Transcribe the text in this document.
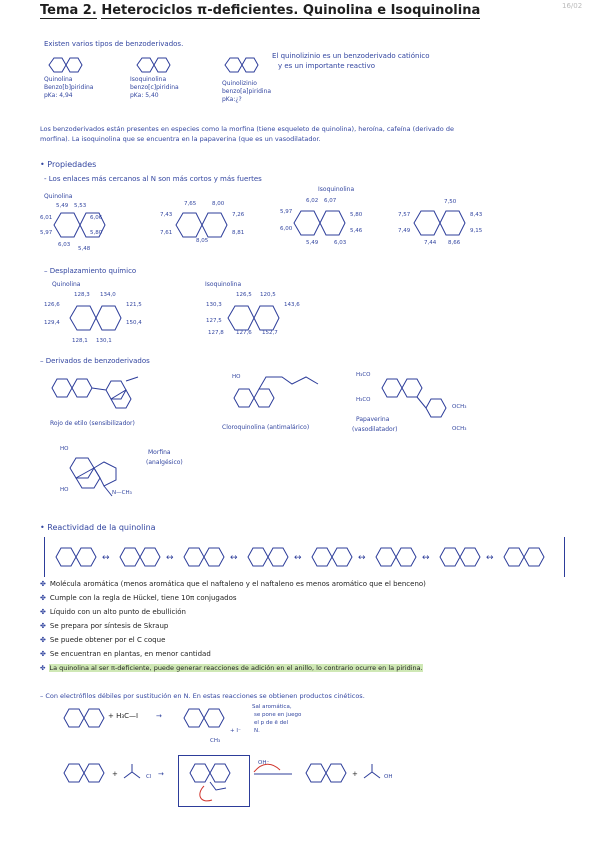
Tema 2. Heterociclos π-deficientes. Quinolina e Isoquinolina	16/02
Existen varios tipos de benzoderivados.
Quinolina
Benzo[b]piridina
pKa: 4,94
Isoquinolina
benzo[c]piridina
pKa: 5,40
Quinolizinio
benzo[a]piridina
pKa:¿?
El quinolizinio es un benzoderivado catiónico
y es un importante reactivo
Los benzoderivados están presentes en especies como la morfina (tiene esqueleto de quinolina), heroína, cafeína (derivado de
morfina). La isoquinolina que se encuentra en la papaverina (que es un vasodilatador.
• Propiedades
- Los enlaces más cercanos al N son más cortos y más fuertes
Quinolina
Isoquinolina
5,49 5,53
6,01	6,06
5,97	5,80
6,03
5,48
7,65	8,00
7,43	7,26
7,61
8,05
8,81
6,02 6,07
5,97	5,80
6,00	5,46
5,49	6,03
7,50
7,57	8,43
7,49
7,44 8,66
9,15
– Desplazamiento químico
Quinolina	Isoquinolina
128,3 134,0
126,6	121,5
129,4	150,4
128,1 130,1
126,5 120,5
130,3	143,6
127,5
127,6 152,7
127,8
– Derivados de benzoderivados
Rojo de etilo (sensibilizador)
HO
Cloroquinolina (antimalárico)
H₃CO
H₃CO
OCH₃
OCH₃
Papaverina
(vasodilatador)
HO
N—CH₃
HO
Morfina
(analgésico)
• Reactividad de la quinolina
↔	↔	↔	↔	↔	↔	↔
✤ Molécula aromática (menos aromática que el naftaleno y el naftaleno es menos aromático que el benceno)
✤ Cumple con la regla de Hückel, tiene 10π conjugados
✤ Líquido con un alto punto de ebullición
✤ Se prepara por síntesis de Skraup
✤ Se puede obtener por el C coque
✤ Se encuentran en plantas, en menor cantidad
✤ La quinolina al ser π-deficiente, puede generar reacciones de adición en el anillo, lo contrario ocurre en la piridina.
– Con electrófilos débiles por sustitución en N. En estas reacciones se obtienen productos cinéticos.
+ H₃C—I	→
CH₃
+ I⁻
Sal aromática,
se pone en juego
el p de ē del
N.
+	Cl →
OH⁻
+	OH
